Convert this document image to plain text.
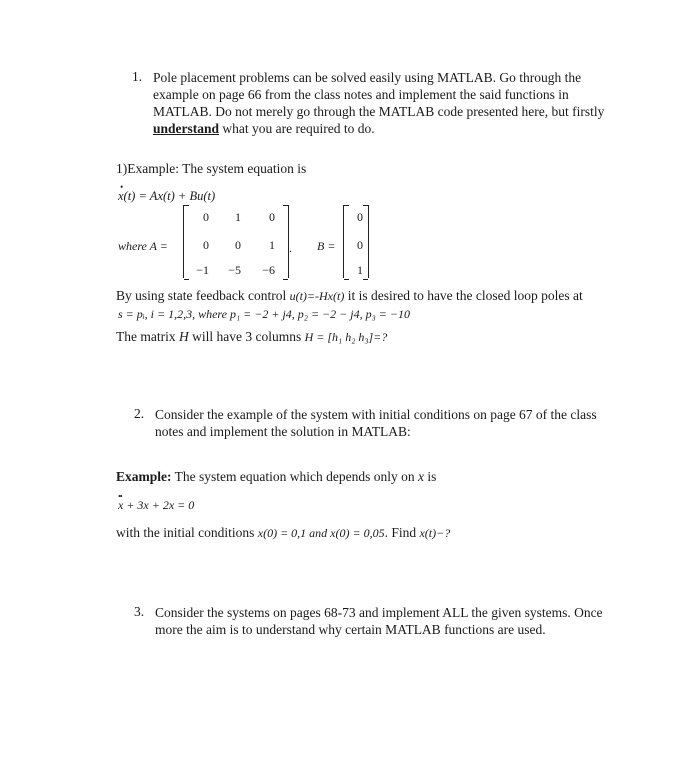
1. Pole placement problems can be solved easily using MATLAB. Go through the
example on page 66 from the class notes and implement the said functions in
MATLAB. Do not merely go through the MATLAB code presented here, but firstly
understand what you are required to do.
1)Example: The system equation is
• x(t) = Ax(t) + Bu(t)
where A =
0	1	0
0	0	1
−1	−5	−6
. B =
0
0
1
By using state feedback control u(t)=-Hx(t) it is desired to have the closed loop poles at
s = pᵢ, i = 1,2,3, where p₁ = −2 + j4, p₂ = −2 − j4, p₃ = −10
The matrix H will have 3 columns H = [h₁ h₂ h₃]=?
2. Consider the example of the system with initial conditions on page 67 of the class
notes and implement the solution in MATLAB:
Example: The system equation which depends only on x is
•• x + 3x + 2x = 0
with the initial conditions x(0) = 0,1 and x(0) = 0,05. Find x(t)−?
3. Consider the systems on pages 68-73 and implement ALL the given systems. Once
more the aim is to understand why certain MATLAB functions are used.
